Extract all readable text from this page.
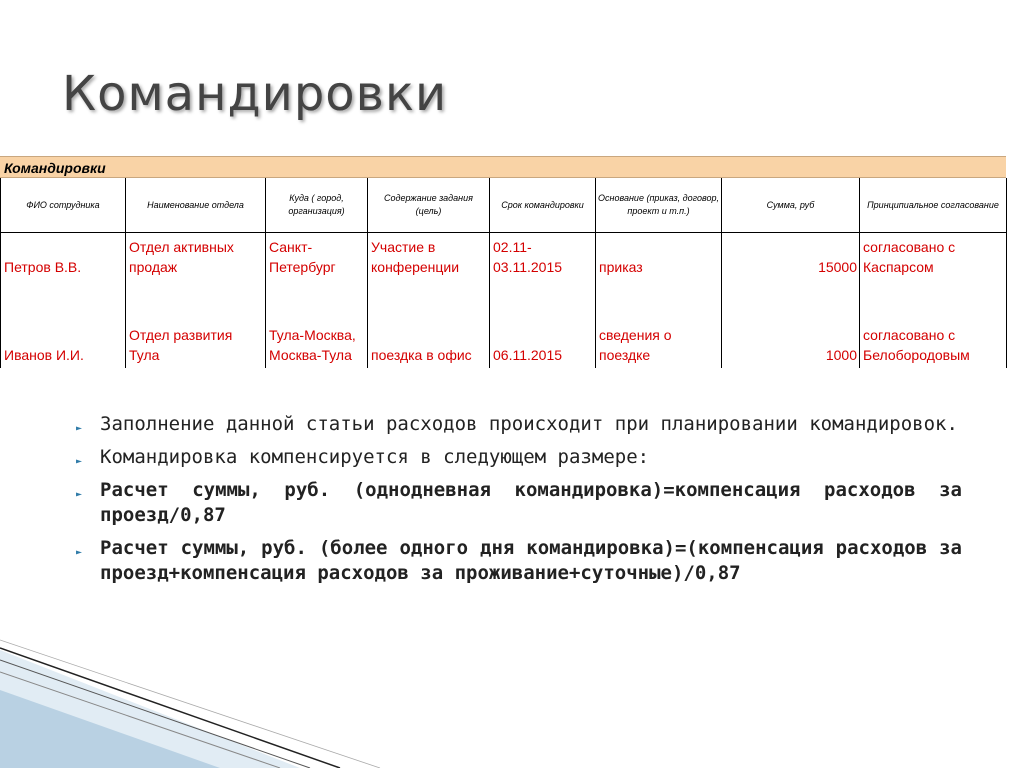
Командировки
Командировки
ФИО сотрудника	Наименование отдела	Куда ( город, организация)	Содержание задания (цель)	Срок командировки	Основание (приказ, договор, проект и т.п.)	Сумма, руб	Принципиальное согласование
Петров В.В.	Отдел активных продаж	Санкт-Петербург	Участие в конференции	02.11-03.11.2015	приказ	15000	согласовано с Каспарсом
Иванов И.И.	Отдел развития Тула	Тула-Москва, Москва-Тула	поездка в офис	06.11.2015	сведения о поездке	1000	согласовано с Белобородовым
► Заполнение данной статьи расходов происходит при планировании командировок.
► Командировка компенсируется в следующем размере:
► Расчет суммы, руб. (однодневная командировка)=компенсация расходов за проезд/0,87
► Расчет суммы, руб. (более одного дня командировка)=(компенсация расходов за проезд+компенсация расходов за проживание+суточные)/0,87
